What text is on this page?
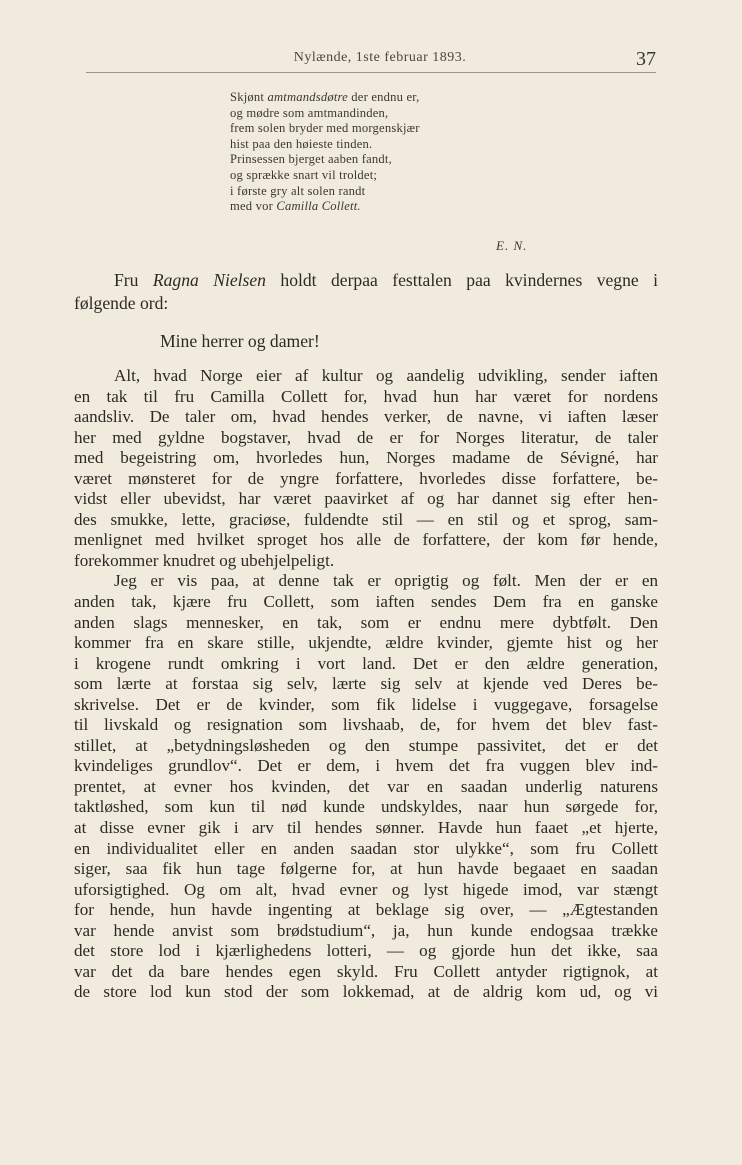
Nylænde, 1ste februar 1893.	37
Skjønt amtmandsdøtre der endnu er,
og mødre som amtmandinden,
frem solen bryder med morgenskjær
hist paa den høieste tinden.
Prinsessen bjerget aaben fandt,
og sprække snart vil troldet;
i første gry alt solen randt
med vor Camilla Collett.
E. N.
Fru Ragna Nielsen holdt derpaa festtalen paa kvindernes vegne i
følgende ord:
Mine herrer og damer!
Alt, hvad Norge eier af kultur og aandelig udvikling, sender iaften
en tak til fru Camilla Collett for, hvad hun har været for nordens
aandsliv. De taler om, hvad hendes verker, de navne, vi iaften læser
her med gyldne bogstaver, hvad de er for Norges literatur, de taler
med begeistring om, hvorledes hun, Norges madame de Sévigné, har
været mønsteret for de yngre forfattere, hvorledes disse forfattere, be-
vidst eller ubevidst, har været paavirket af og har dannet sig efter hen-
des smukke, lette, graciøse, fuldendte stil — en stil og et sprog, sam-
menlignet med hvilket sproget hos alle de forfattere, der kom før hende,
forekommer knudret og ubehjelpeligt.
Jeg er vis paa, at denne tak er oprigtig og følt. Men der er en
anden tak, kjære fru Collett, som iaften sendes Dem fra en ganske
anden slags mennesker, en tak, som er endnu mere dybtfølt. Den
kommer fra en skare stille, ukjendte, ældre kvinder, gjemte hist og her
i krogene rundt omkring i vort land. Det er den ældre generation,
som lærte at forstaa sig selv, lærte sig selv at kjende ved Deres be-
skrivelse. Det er de kvinder, som fik lidelse i vuggegave, forsagelse
til livskald og resignation som livshaab, de, for hvem det blev fast-
stillet, at „betydningsløsheden og den stumpe passivitet, det er det
kvindeliges grundlov“. Det er dem, i hvem det fra vuggen blev ind-
prentet, at evner hos kvinden, det var en saadan underlig naturens
taktløshed, som kun til nød kunde undskyldes, naar hun sørgede for,
at disse evner gik i arv til hendes sønner. Havde hun faaet „et hjerte,
en individualitet eller en anden saadan stor ulykke“, som fru Collett
siger, saa fik hun tage følgerne for, at hun havde begaaet en saadan
uforsigtighed. Og om alt, hvad evner og lyst higede imod, var stængt
for hende, hun havde ingenting at beklage sig over, — „Ægtestanden
var hende anvist som brødstudium“, ja, hun kunde endogsaa trække
det store lod i kjærlighedens lotteri, — og gjorde hun det ikke, saa
var det da bare hendes egen skyld. Fru Collett antyder rigtignok, at
de store lod kun stod der som lokkemad, at de aldrig kom ud, og vi
